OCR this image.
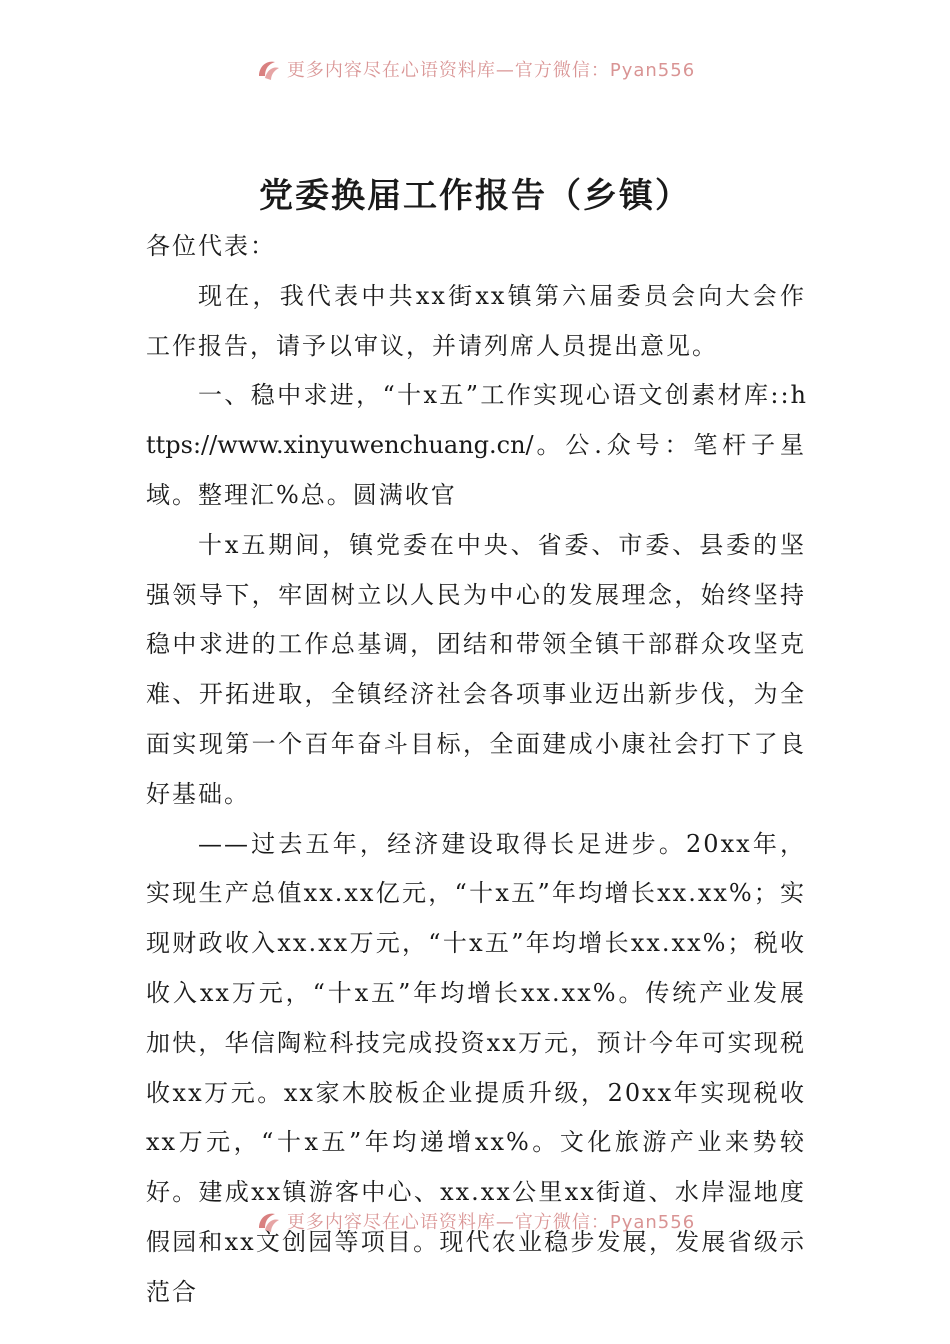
更多内容尽在心语资料库—官方微信：Pyan556
党委换届工作报告（乡镇）

各位代表：

现在，我代表中共xx街xx镇第六届委员会向大会作工作报告，请予以审议，并请列席人员提出意见。

一、稳中求进，“十x五”工作实现心语文创素材库::https://www.xinyuwenchuang.cn/。公.众号：笔杆子星域。整理汇%总。圆满收官

十x五期间，镇党委在中央、省委、市委、县委的坚强领导下，牢固树立以人民为中心的发展理念，始终坚持稳中求进的工作总基调，团结和带领全镇干部群众攻坚克难、开拓进取，全镇经济社会各项事业迈出新步伐，为全面实现第一个百年奋斗目标，全面建成小康社会打下了良好基础。

——过去五年，经济建设取得长足进步。20xx年，实现生产总值xx.xx亿元，“十x五”年均增长xx.xx%；实现财政收入xx.xx万元，“十x五”年均增长xx.xx%；税收收入xx万元，“十x五”年均增长xx.xx%。传统产业发展加快，华信陶粒科技完成投资xx万元，预计今年可实现税收xx万元。xx家木胶板企业提质升级，20xx年实现税收xx万元，“十x五”年均递增xx%。文化旅游产业来势较好。建成xx镇游客中心、xx.xx公里xx街道、水岸湿地度假园和xx文创园等项目。现代农业稳步发展，发展省级示范合

更多内容尽在心语资料库—官方微信：Pyan556
